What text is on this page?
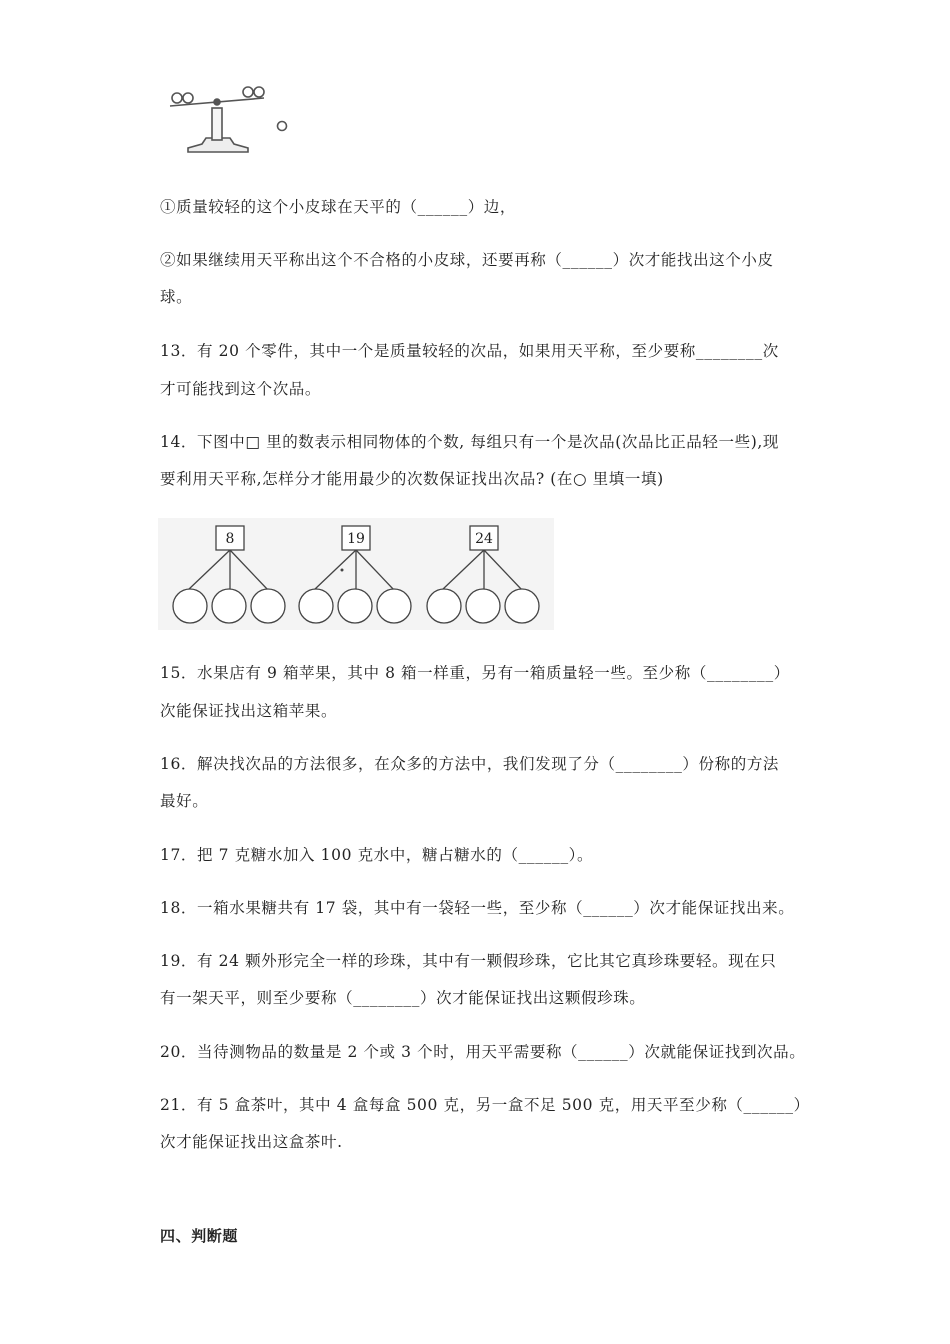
①质量较轻的这个小皮球在天平的（______）边，
②如果继续用天平称出这个不合格的小皮球，还要再称（______）次才能找出这个小皮
球。
13．有 20 个零件，其中一个是质量较轻的次品，如果用天平称，至少要称________次
才可能找到这个次品。
14．下图中□ 里的数表示相同物体的个数, 每组只有一个是次品(次品比正品轻一些),现
要利用天平称,怎样分才能用最少的次数保证找出次品? (在○ 里填一填)
8	19	24
15．水果店有 9 箱苹果，其中 8 箱一样重，另有一箱质量轻一些。至少称（________）
次能保证找出这箱苹果。
16．解决找次品的方法很多，在众多的方法中，我们发现了分（________）份称的方法
最好。
17．把 7 克糖水加入 100 克水中，糖占糖水的（______）。
18．一箱水果糖共有 17 袋，其中有一袋轻一些，至少称（______）次才能保证找出来。
19．有 24 颗外形完全一样的珍珠，其中有一颗假珍珠，它比其它真珍珠要轻。现在只
有一架天平，则至少要称（________）次才能保证找出这颗假珍珠。
20．当待测物品的数量是 2 个或 3 个时，用天平需要称（______）次就能保证找到次品。
21．有 5 盒茶叶，其中 4 盒每盒 500 克，另一盒不足 500 克，用天平至少称（______）
次才能保证找出这盒茶叶.
四、判断题
